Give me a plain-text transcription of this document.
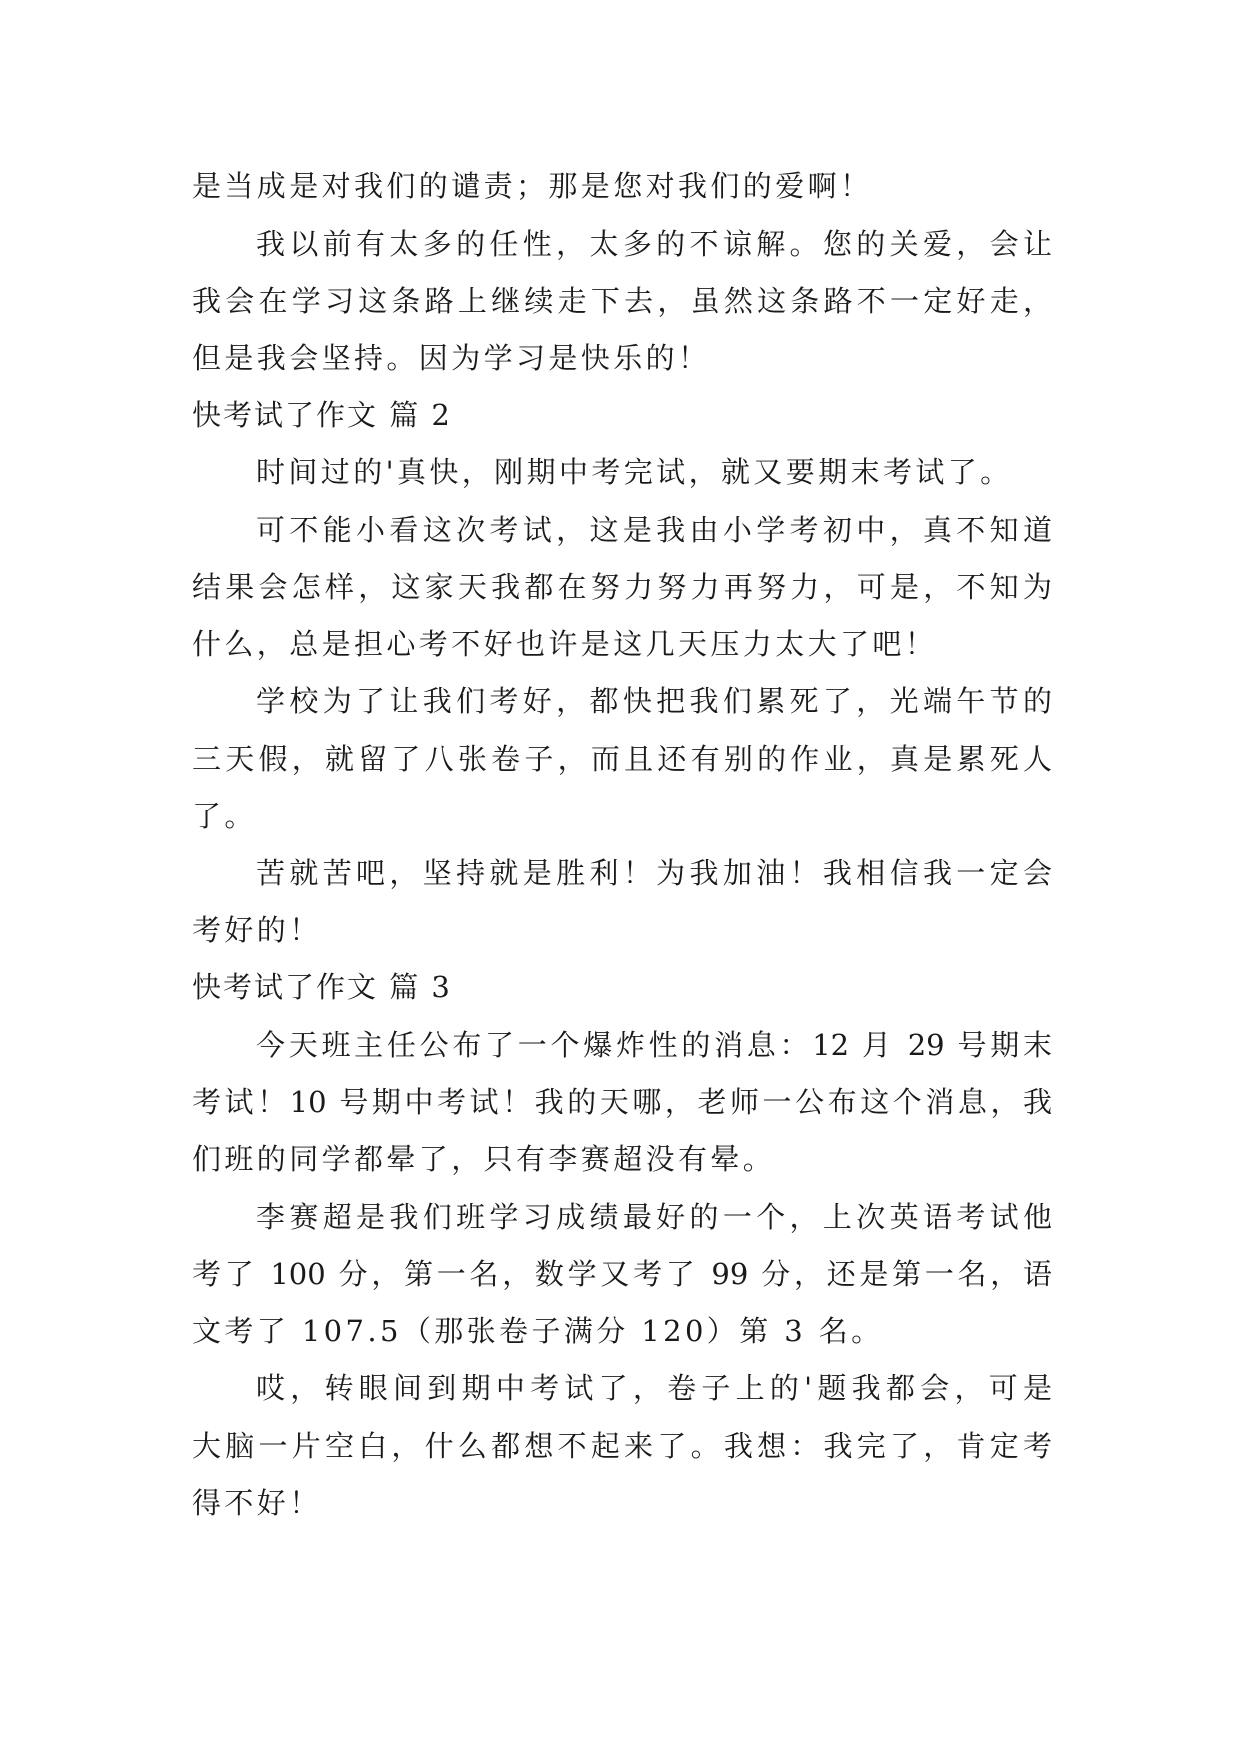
是当成是对我们的谴责；那是您对我们的爱啊！
我以前有太多的任性，太多的不谅解。您的关爱，会让
我会在学习这条路上继续走下去，虽然这条路不一定好走，
但是我会坚持。因为学习是快乐的！
快考试了作文 篇 2
时间过的'真快，刚期中考完试，就又要期末考试了。
可不能小看这次考试，这是我由小学考初中，真不知道
结果会怎样，这家天我都在努力努力再努力，可是，不知为
什么，总是担心考不好也许是这几天压力太大了吧！
学校为了让我们考好，都快把我们累死了，光端午节的
三天假，就留了八张卷子，而且还有别的作业，真是累死人
了。
苦就苦吧，坚持就是胜利！为我加油！我相信我一定会
考好的！
快考试了作文 篇 3
今天班主任公布了一个爆炸性的消息：12 月 29 号期末
考试！10 号期中考试！我的天哪，老师一公布这个消息，我
们班的同学都晕了，只有李赛超没有晕。
李赛超是我们班学习成绩最好的一个，上次英语考试他
考了 100 分，第一名，数学又考了 99 分，还是第一名，语
文考了 107.5（那张卷子满分 120）第 3 名。
哎，转眼间到期中考试了，卷子上的'题我都会，可是
大脑一片空白，什么都想不起来了。我想：我完了，肯定考
得不好！
